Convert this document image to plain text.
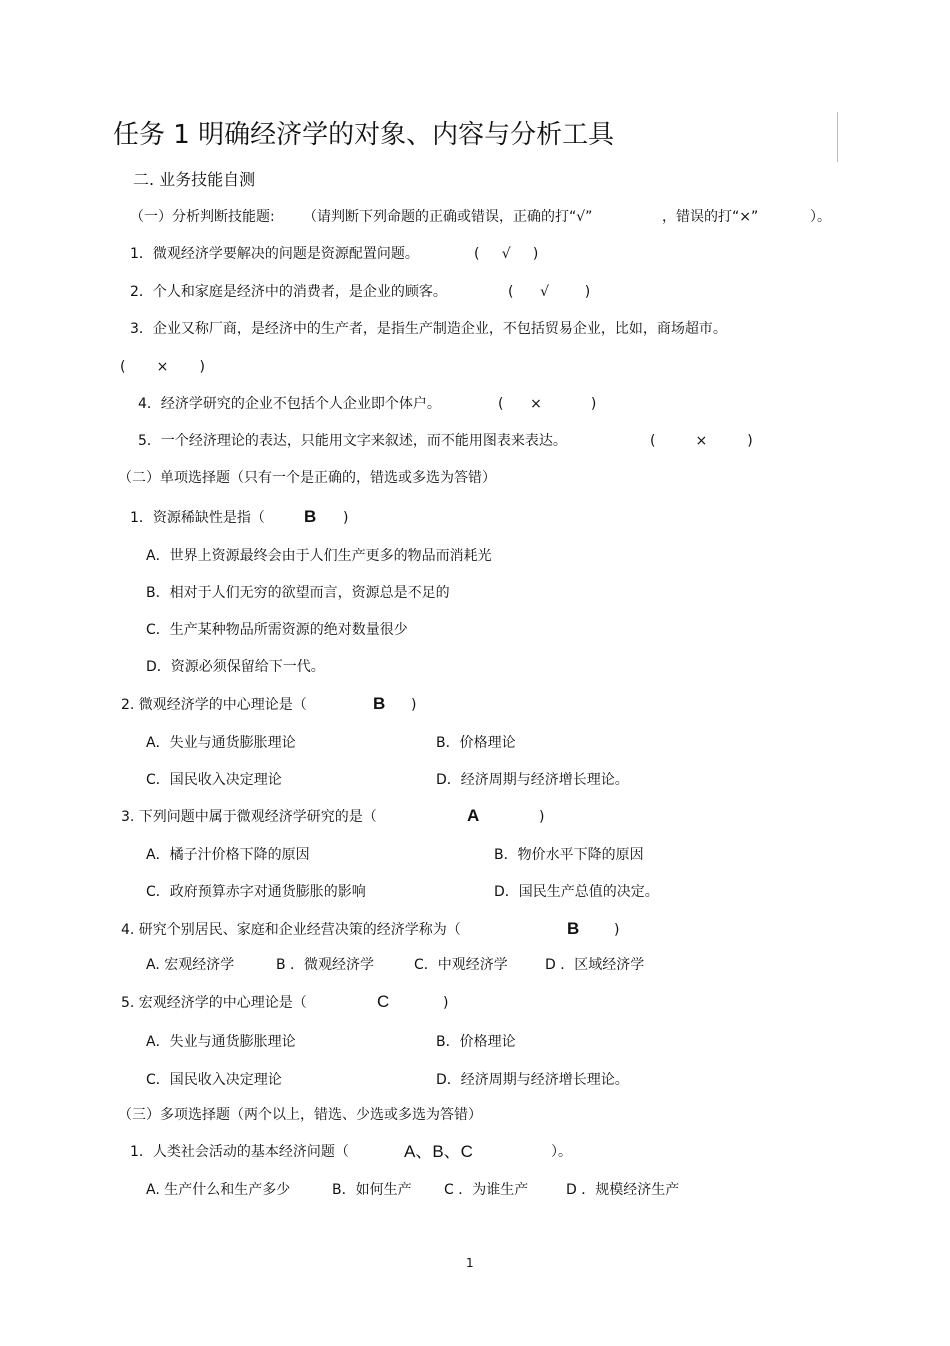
任务 1 明确经济学的对象、内容与分析工具
二. 业务技能自测
（一）分析判断技能题: （请判断下列命题的正确或错误，正确的打“√”	，错误的打“×”	）。
1．微观经济学要解决的问题是资源配置问题。	(     √     )
2．个人和家庭是经济中的消费者，是企业的顾客。	(      √        )
3．企业又称厂商，是经济中的生产者，是指生产制造企业，不包括贸易企业，比如，商场超市。
(       ×       )
4．经济学研究的企业不包括个人企业即个体户。	(      ×           )
5．一个经济理论的表达，只能用文字来叙述，而不能用图表来表达。	(         ×         )
（二）单项选择题（只有一个是正确的，错选或多选为答错）
1．资源稀缺性是指（ B )
A．世界上资源最终会由于人们生产更多的物品而消耗光
B．相对于人们无穷的欲望而言，资源总是不足的
C．生产某种物品所需资源的绝对数量很少
D．资源必须保留给下一代。
2. 微观经济学的中心理论是（	B )
A．失业与通货膨胀理论	B．价格理论
C．国民收入决定理论	D．经济周期与经济增长理论。
3. 下列问题中属于微观经济学研究的是（	A	)
A．橘子汁价格下降的原因	B．物价水平下降的原因
C．政府预算赤字对通货膨胀的影响	D．国民生产总值的决定。
4. 研究个别居民、家庭和企业经营决策的经济学称为（	B )
A. 宏观经济学	B ．微观经济学	C．中观经济学	D ．区域经济学
5. 宏观经济学的中心理论是（	C	)
A．失业与通货膨胀理论	B．价格理论
C．国民收入决定理论	D．经济周期与经济增长理论。
（三）多项选择题（两个以上，错选、少选或多选为答错）
1．人类社会活动的基本经济问题（	A、B、C	）。
A. 生产什么和生产多少	B．如何生产 C ．为谁生产	D ．规模经济生产
1
